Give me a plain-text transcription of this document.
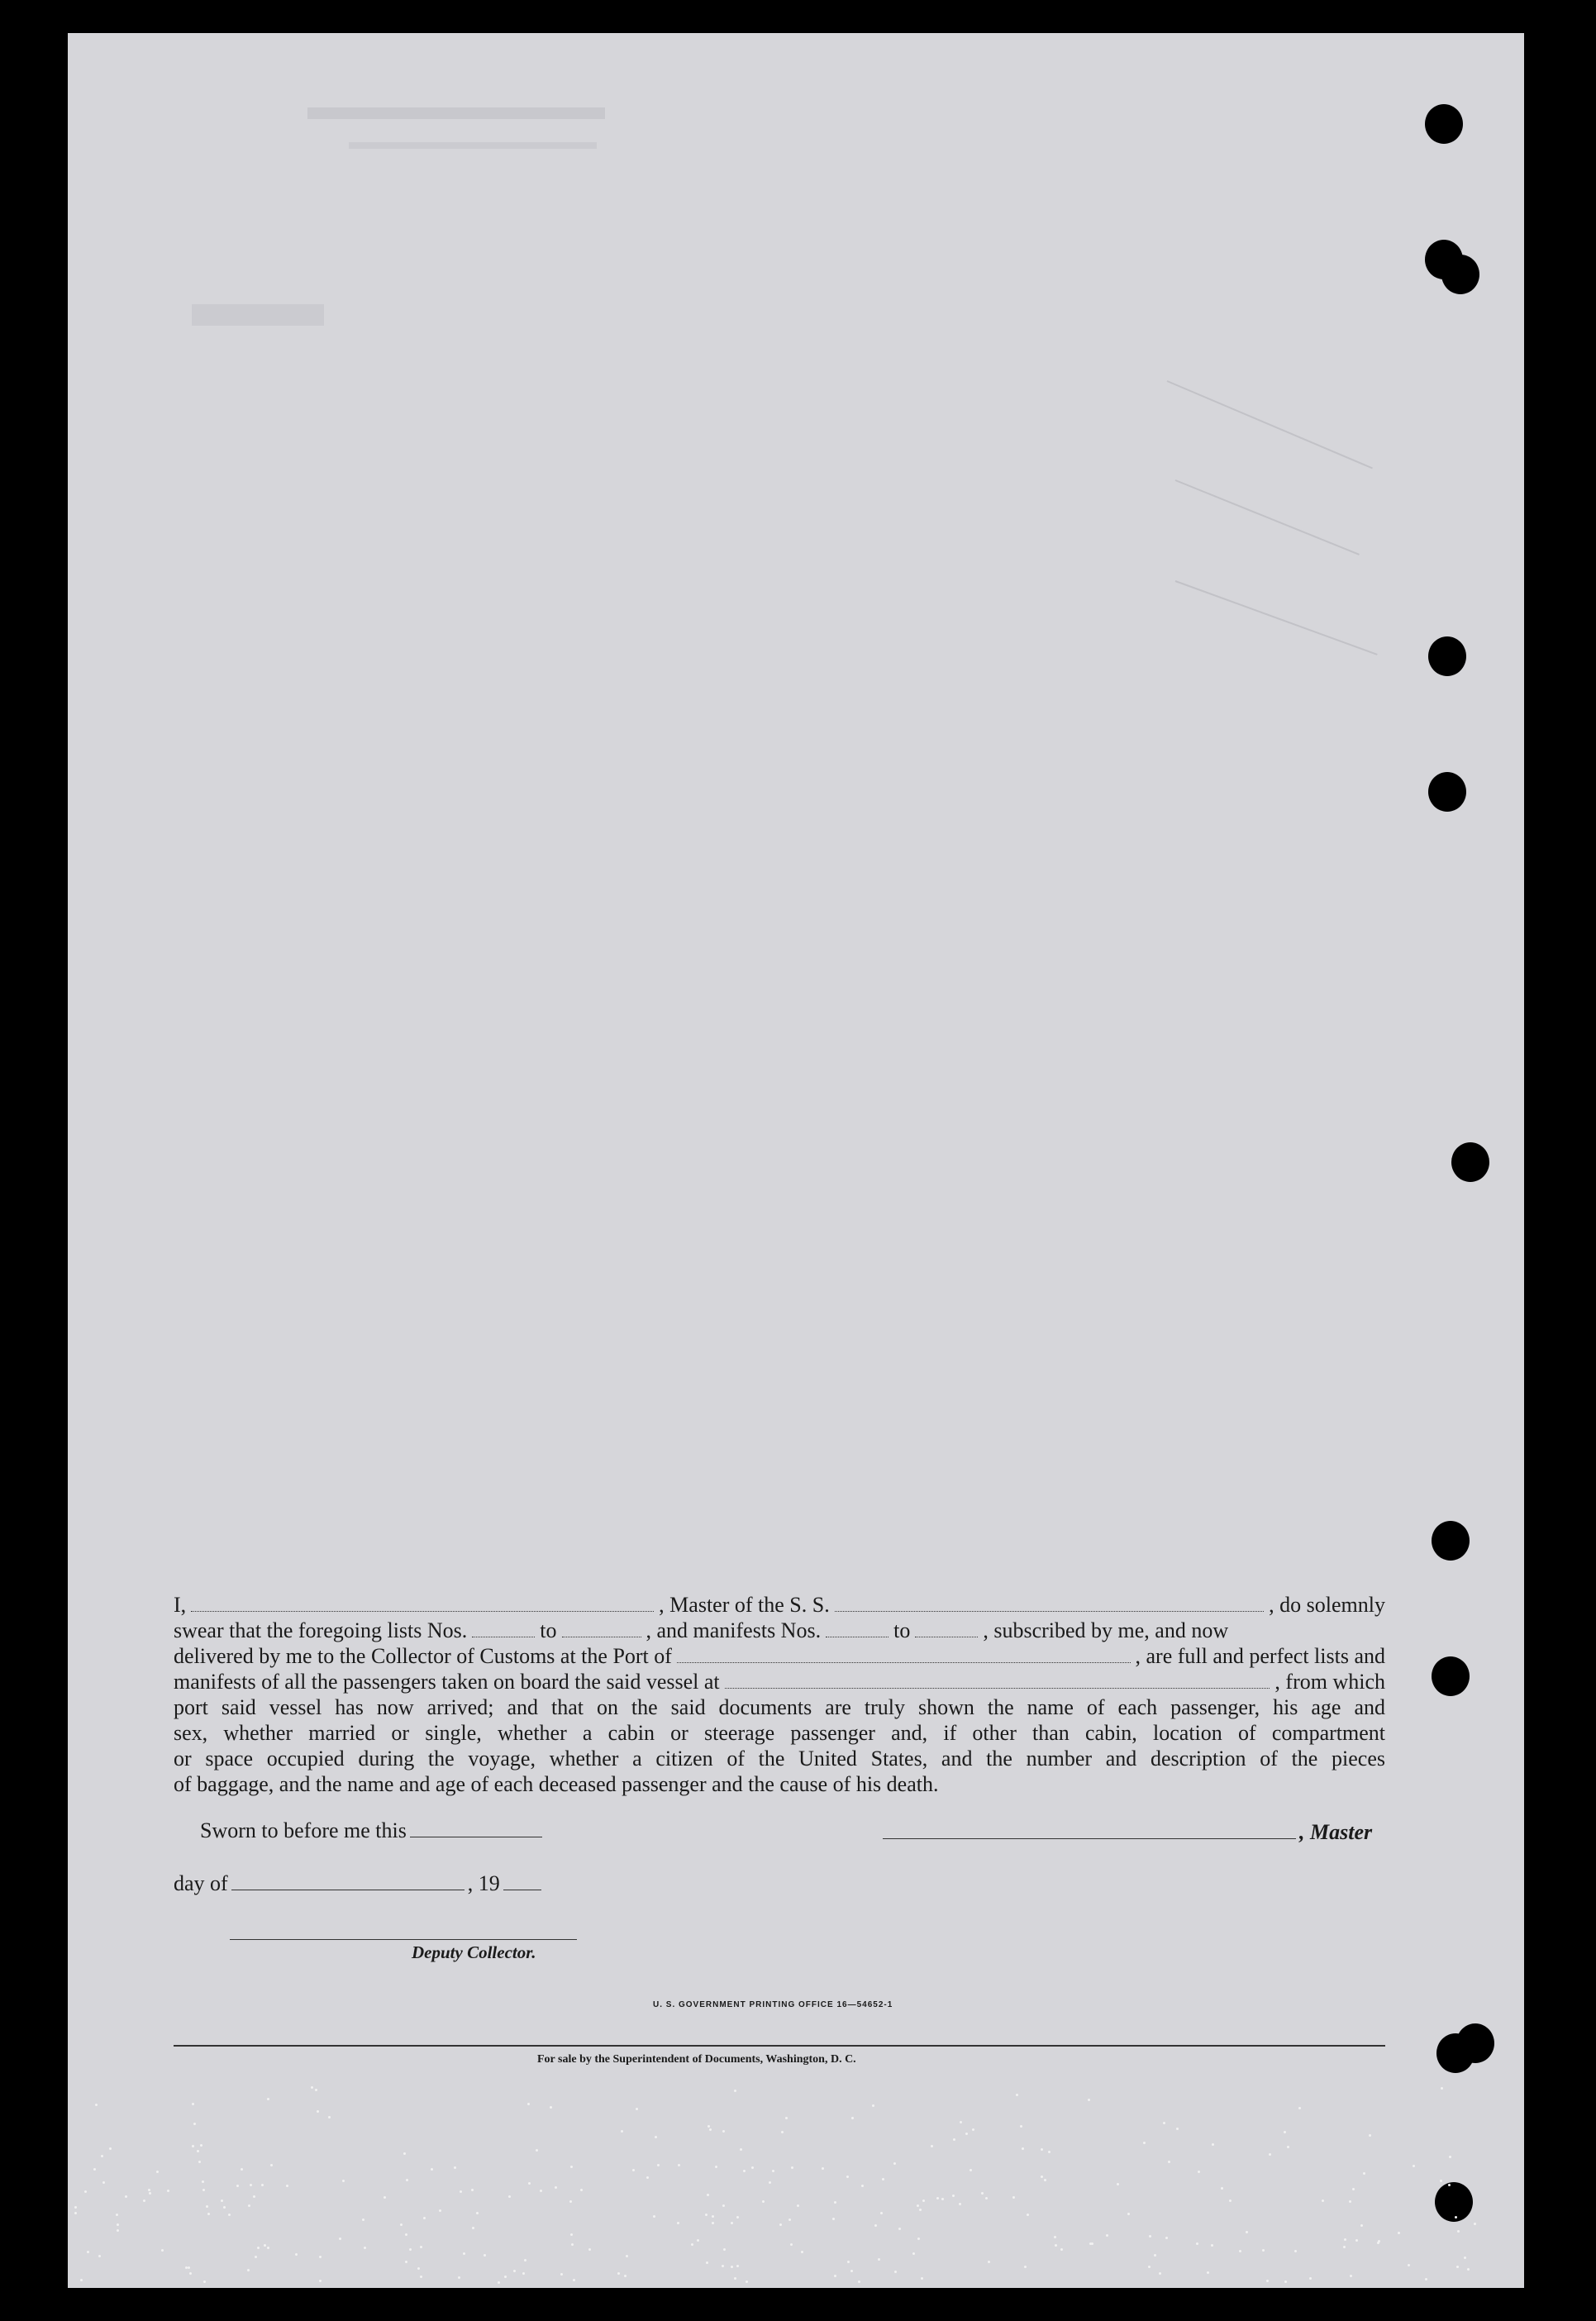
I,	, Master of the S. S.	, do solemnly
swear that the foregoing lists Nos.	to	, and manifests Nos.	to	, subscribed by me, and now
delivered by me to the Collector of Customs at the Port of	, are full and perfect lists and
manifests of all the passengers taken on board the said vessel at	, from which
port said vessel has now arrived; and that on the said documents are truly shown the name of each passenger, his age and
sex, whether married or single, whether a cabin or steerage passenger and, if other than cabin, location of compartment
or space occupied during the voyage, whether a citizen of the United States, and the number and description of the pieces
of baggage, and the name and age of each deceased passenger and the cause of his death.
Sworn to before me this	, Master
day of	, 19
Deputy Collector.
U. S. GOVERNMENT PRINTING OFFICE 16—54652-1
For sale by the Superintendent of Documents, Washington, D. C.
